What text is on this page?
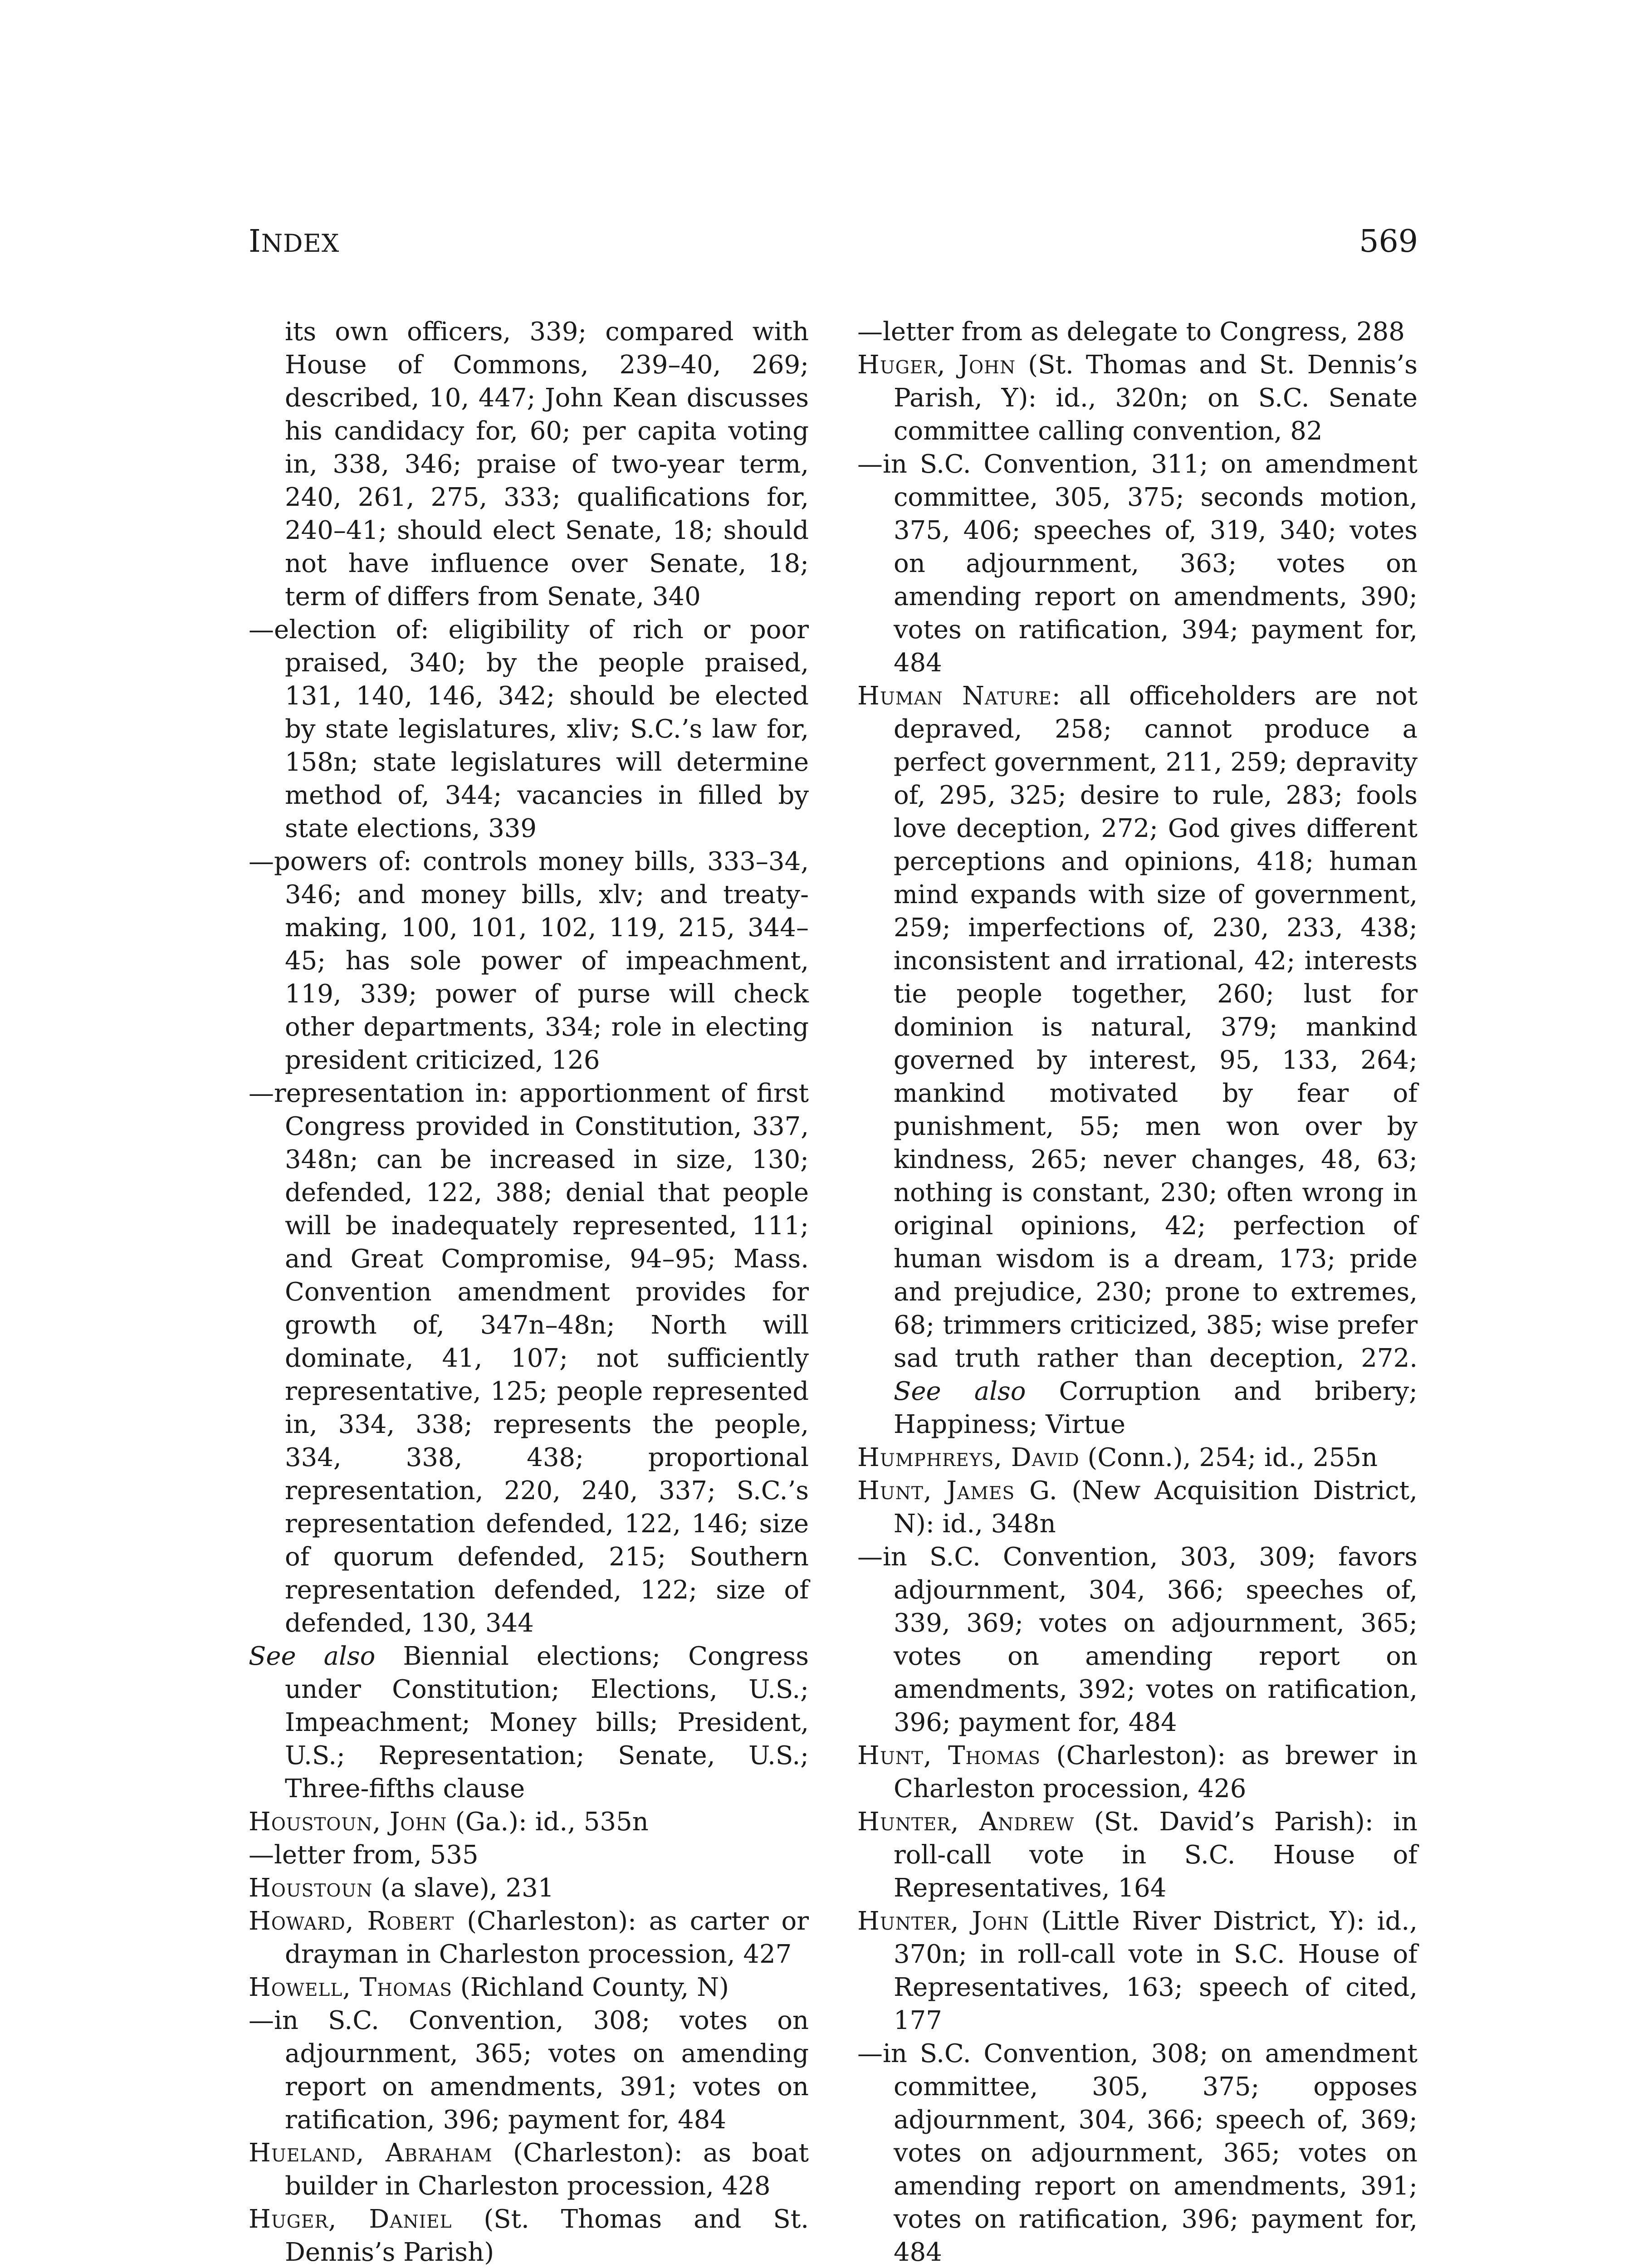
INDEX	569

its own officers, 339; compared with House of Commons, 239–40, 269; described, 10, 447; John Kean discusses his candidacy for, 60; per capita voting in, 338, 346; praise of two-year term, 240, 261, 275, 333; qualifications for, 240–41; should elect Senate, 18; should not have influence over Senate, 18; term of differs from Senate, 340

—election of: eligibility of rich or poor praised, 340; by the people praised, 131, 140, 146, 342; should be elected by state legislatures, xliv; S.C.’s law for, 158n; state legislatures will determine method of, 344; vacancies in filled by state elections, 339

—powers of: controls money bills, 333–34, 346; and money bills, xlv; and treaty-making, 100, 101, 102, 119, 215, 344–45; has sole power of impeachment, 119, 339; power of purse will check other departments, 334; role in electing president criticized, 126

—representation in: apportionment of first Congress provided in Constitution, 337, 348n; can be increased in size, 130; defended, 122, 388; denial that people will be inadequately represented, 111; and Great Compromise, 94–95; Mass. Convention amendment provides for growth of, 347n–48n; North will dominate, 41, 107; not sufficiently representative, 125; people represented in, 334, 338; represents the people, 334, 338, 438; proportional representation, 220, 240, 337; S.C.’s representation defended, 122, 146; size of quorum defended, 215; Southern representation defended, 122; size of defended, 130, 344

See also Biennial elections; Congress under Constitution; Elections, U.S.; Impeachment; Money bills; President, U.S.; Representation; Senate, U.S.; Three-fifths clause

Houstoun, John (Ga.): id., 535n

—letter from, 535

Houstoun (a slave), 231

Howard, Robert (Charleston): as carter or drayman in Charleston procession, 427

Howell, Thomas (Richland County, N)

—in S.C. Convention, 308; votes on adjournment, 365; votes on amending report on amendments, 391; votes on ratification, 396; payment for, 484

Hueland, Abraham (Charleston): as boat builder in Charleston procession, 428

Huger, Daniel (St. Thomas and St. Dennis’s Parish)

—letter from as delegate to Congress, 288

Huger, John (St. Thomas and St. Dennis’s Parish, Y): id., 320n; on S.C. Senate committee calling convention, 82

—in S.C. Convention, 311; on amendment committee, 305, 375; seconds motion, 375, 406; speeches of, 319, 340; votes on adjournment, 363; votes on amending report on amendments, 390; votes on ratification, 394; payment for, 484

Human Nature: all officeholders are not depraved, 258; cannot produce a perfect government, 211, 259; depravity of, 295, 325; desire to rule, 283; fools love deception, 272; God gives different perceptions and opinions, 418; human mind expands with size of government, 259; imperfections of, 230, 233, 438; inconsistent and irrational, 42; interests tie people together, 260; lust for dominion is natural, 379; mankind governed by interest, 95, 133, 264; mankind motivated by fear of punishment, 55; men won over by kindness, 265; never changes, 48, 63; nothing is constant, 230; often wrong in original opinions, 42; perfection of human wisdom is a dream, 173; pride and prejudice, 230; prone to extremes, 68; trimmers criticized, 385; wise prefer sad truth rather than deception, 272. See also Corruption and bribery; Happiness; Virtue

Humphreys, David (Conn.), 254; id., 255n

Hunt, James G. (New Acquisition District, N): id., 348n

—in S.C. Convention, 303, 309; favors adjournment, 304, 366; speeches of, 339, 369; votes on adjournment, 365; votes on amending report on amendments, 392; votes on ratification, 396; payment for, 484

Hunt, Thomas (Charleston): as brewer in Charleston procession, 426

Hunter, Andrew (St. David’s Parish): in roll-call vote in S.C. House of Representatives, 164

Hunter, John (Little River District, Y): id., 370n; in roll-call vote in S.C. House of Representatives, 163; speech of cited, 177

—in S.C. Convention, 308; on amendment committee, 305, 375; opposes adjournment, 304, 366; speech of, 369; votes on adjournment, 365; votes on amending report on amendments, 391; votes on ratification, 396; payment for, 484
